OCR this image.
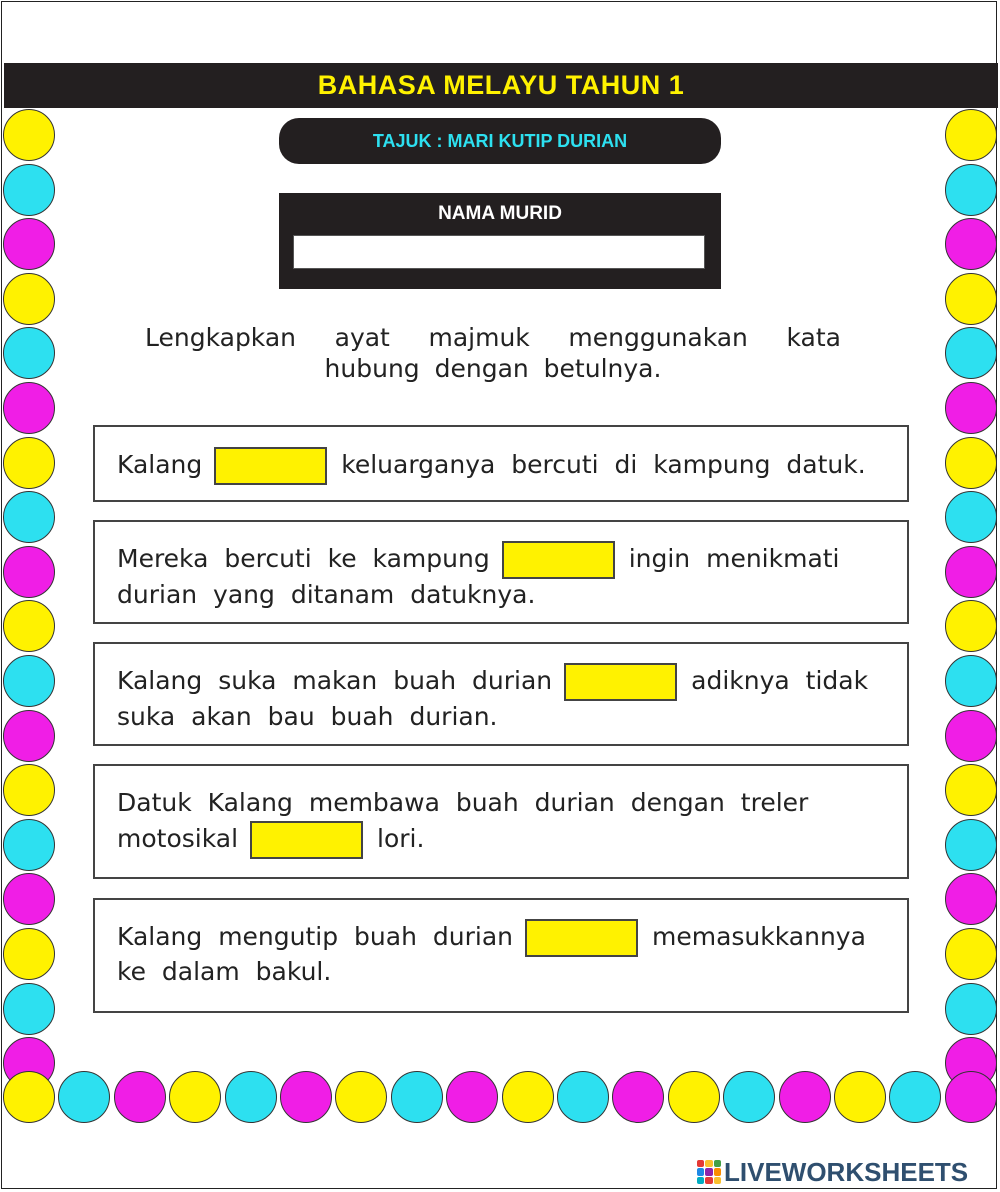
BAHASA MELAYU TAHUN 1
TAJUK : MARI KUTIP DURIAN
NAMA MURID
Lengkapkan ayat majmuk menggunakan kata hubung dengan betulnya.
Kalang	keluarganya bercuti di kampung datuk.
Mereka bercuti ke kampung	ingin menikmati
durian yang ditanam datuknya.
Kalang suka makan buah durian	adiknya tidak
suka akan bau buah durian.
Datuk Kalang membawa buah durian dengan treler
motosikal	lori.
Kalang mengutip buah durian	memasukkannya
ke dalam bakul.
LIVEWORKSHEETS
